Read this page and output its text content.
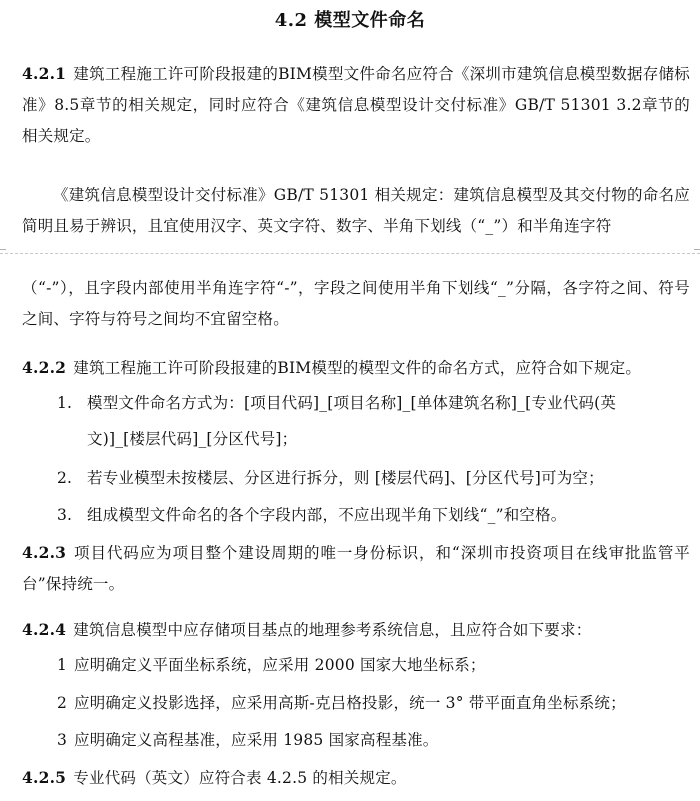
4.2 模型文件命名
4.2.1 建筑工程施工许可阶段报建的BIM模型文件命名应符合《深圳市建筑信息模型数据存储标准》8.5章节的相关规定，同时应符合《建筑信息模型设计交付标准》GB/T 51301 3.2章节的相关规定。
《建筑信息模型设计交付标准》GB/T 51301 相关规定：建筑信息模型及其交付物的命名应简明且易于辨识，且宜使用汉字、英文字符、数字、半角下划线（“_”）和半角连字符
（“-”），且字段内部使用半角连字符“-”，字段之间使用半角下划线“_”分隔，各字符之间、符号之间、字符与符号之间均不宜留空格。
4.2.2 建筑工程施工许可阶段报建的BIM模型的模型文件的命名方式，应符合如下规定。
1. 模型文件命名方式为：[项目代码]_[项目名称]_[单体建筑名称]_[专业代码(英
文)]_[楼层代码]_[分区代号]；
2. 若专业模型未按楼层、分区进行拆分，则 [楼层代码]、[分区代号]可为空；
3. 组成模型文件命名的各个字段内部，不应出现半角下划线“_”和空格。
4.2.3 项目代码应为项目整个建设周期的唯一身份标识，和“深圳市投资项目在线审批监管平台”保持统一。
4.2.4 建筑信息模型中应存储项目基点的地理参考系统信息，且应符合如下要求：
1 应明确定义平面坐标系统，应采用 2000 国家大地坐标系；
2 应明确定义投影选择，应采用高斯-克吕格投影，统一 3° 带平面直角坐标系统；
3 应明确定义高程基准，应采用 1985 国家高程基准。
4.2.5 专业代码（英文）应符合表 4.2.5 的相关规定。
